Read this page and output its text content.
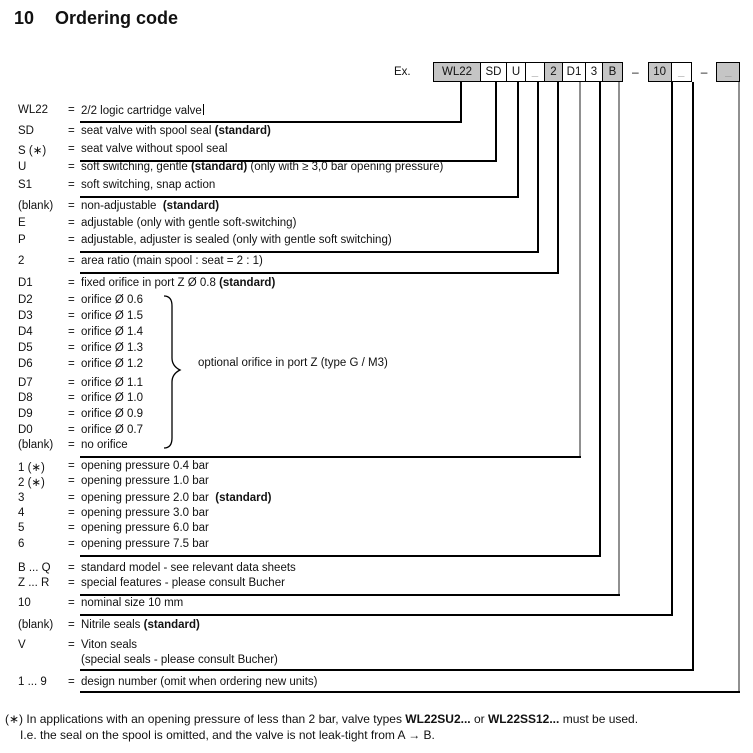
10 Ordering code
Ex.	WL22 SD U _ 2 D1 3 B – 10 _ – _
WL22 = 2/2 logic cartridge valve
SD	= seat valve with spool seal (standard)
S (∗) = seat valve without spool seal
U	= soft switching, gentle (standard) (only with ≥ 3,0 bar opening pressure)
S1	= soft switching, snap action
(blank) = non-adjustable  (standard)
E	= adjustable (only with gentle soft-switching)
P	= adjustable, adjuster is sealed (only with gentle soft switching)
2	= area ratio (main spool : seat = 2 : 1)
D1	= fixed orifice in port Z Ø 0.8 (standard)
D2	= orifice Ø 0.6
D3	= orifice Ø 1.5
D4	= orifice Ø 1.4
D5	= orifice Ø 1.3
D6	= orifice Ø 1.2
D7	= orifice Ø 1.1
D8	= orifice Ø 1.0
D9	= orifice Ø 0.9
D0	= orifice Ø 0.7
(blank) = no orifice
1 (∗) = opening pressure 0.4 bar
2 (∗) = opening pressure 1.0 bar
3	= opening pressure 2.0 bar  (standard)
4	= opening pressure 3.0 bar
5	= opening pressure 6.0 bar
6	= opening pressure 7.5 bar
B ... Q = standard model - see relevant data sheets
Z ... R = special features - please consult Bucher
10	= nominal size 10 mm
(blank) = Nitrile seals (standard)
V	= Viton seals
(special seals - please consult Bucher)
1 ... 9 = design number (omit when ordering new units)
optional orifice in port Z (type G / M3)
(∗) In applications with an opening pressure of less than 2 bar, valve types WL22SU2... or WL22SS12... must be used.
I.e. the seal on the spool is omitted, and the valve is not leak-tight from A → B.
